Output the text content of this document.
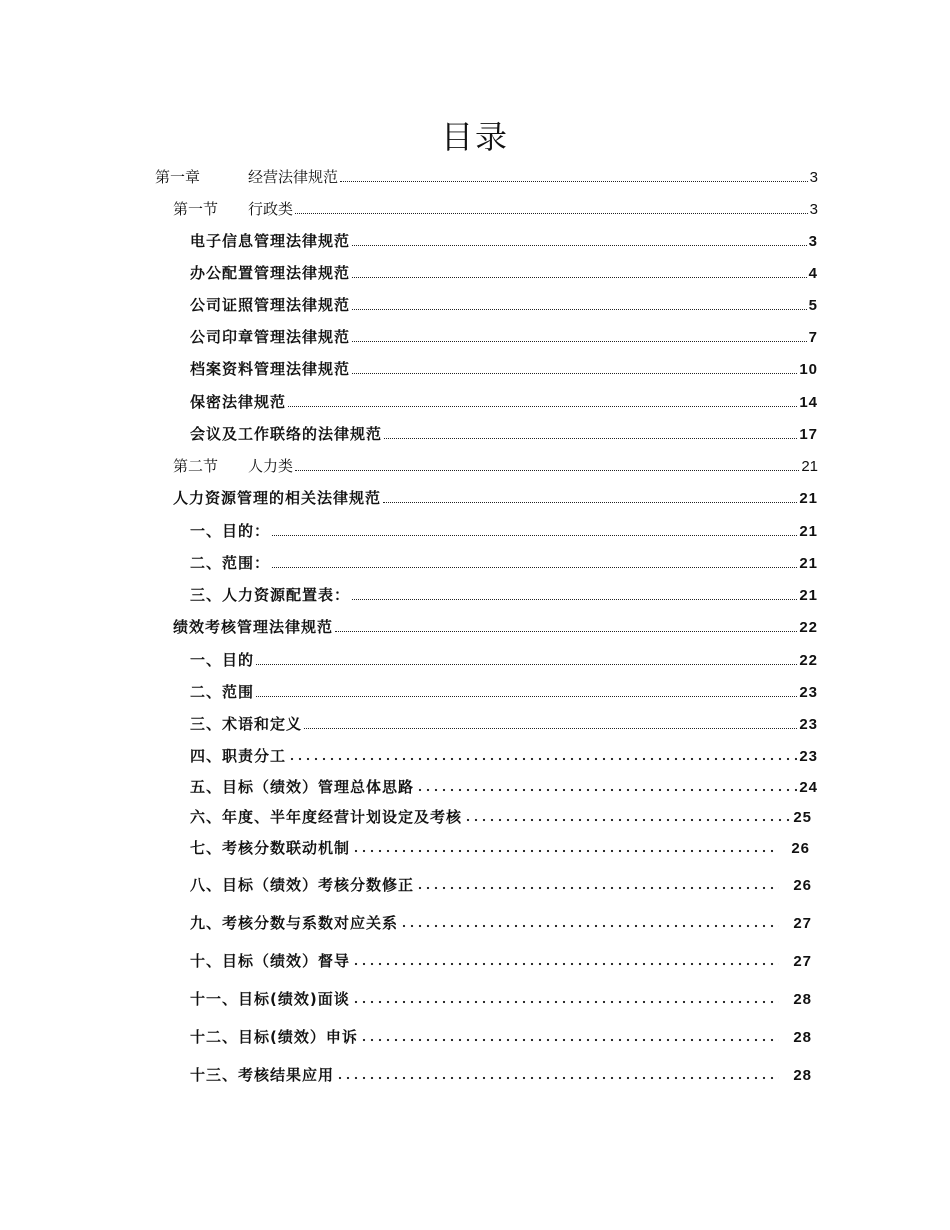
目录
第一章	经营法律规范	3
第一节 行政类	3
电子信息管理法律规范	3
办公配置管理法律规范	4
公司证照管理法律规范	5
公司印章管理法律规范	7
档案资料管理法律规范	10
保密法律规范	14
会议及工作联络的法律规范	17
第二节 人力类	21
人力资源管理的相关法律规范	21
一、目的：	21
二、范围：	21
三、人力资源配置表：	21
绩效考核管理法律规范	22
一、目的	22
二、范围	23
三、术语和定义	23
四、职责分工	23
五、目标（绩效）管理总体思路	24
六、年度、半年度经营计划设定及考核	25
七、考核分数联动机制	26
八、目标（绩效）考核分数修正	26
九、考核分数与系数对应关系	27
十、目标（绩效）督导	27
十一、目标(绩效)面谈	28
十二、目标(绩效）申诉	28
十三、考核结果应用	28
